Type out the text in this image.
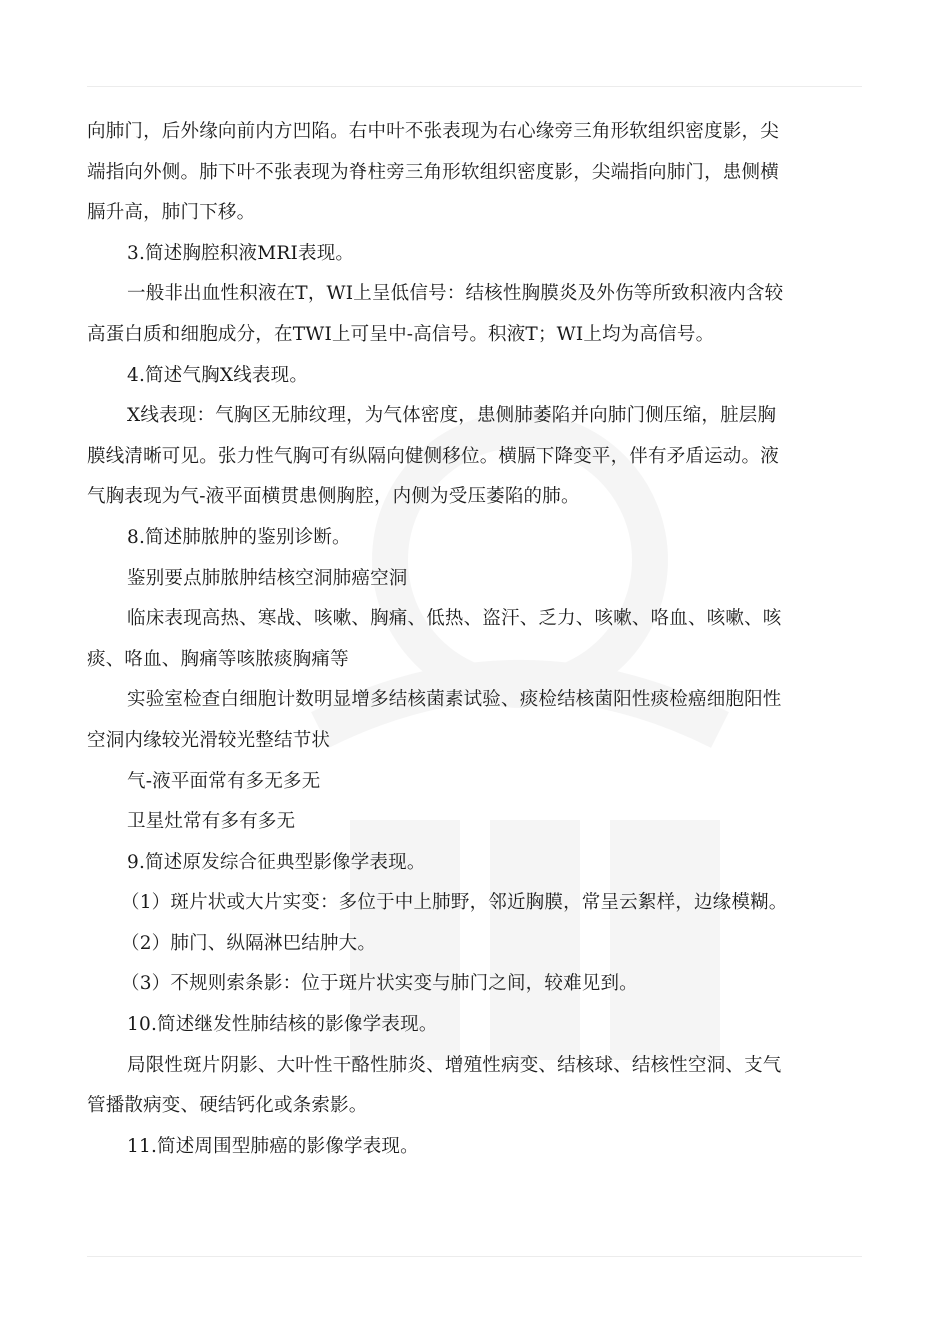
向肺门，后外缘向前内方凹陷。右中叶不张表现为右心缘旁三角形软组织密度影，尖
端指向外侧。肺下叶不张表现为脊柱旁三角形软组织密度影，尖端指向肺门，患侧横
膈升高，肺门下移。
3.简述胸腔积液MRI表现。
一般非出血性积液在T，WI上呈低信号：结核性胸膜炎及外伤等所致积液内含较
高蛋白质和细胞成分，在TWI上可呈中-高信号。积液T；WI上均为高信号。
4.简述气胸X线表现。
X线表现：气胸区无肺纹理，为气体密度，患侧肺萎陷并向肺门侧压缩，脏层胸
膜线清晰可见。张力性气胸可有纵隔向健侧移位。横膈下降变平，伴有矛盾运动。液
气胸表现为气-液平面横贯患侧胸腔，内侧为受压萎陷的肺。
8.简述肺脓肿的鉴别诊断。
鉴别要点肺脓肿结核空洞肺癌空洞
临床表现高热、寒战、咳嗽、胸痛、低热、盗汗、乏力、咳嗽、咯血、咳嗽、咳
痰、咯血、胸痛等咳脓痰胸痛等
实验室检查白细胞计数明显增多结核菌素试验、痰检结核菌阳性痰检癌细胞阳性
空洞内缘较光滑较光整结节状
气-液平面常有多无多无
卫星灶常有多有多无
9.简述原发综合征典型影像学表现。
（1）斑片状或大片实变：多位于中上肺野，邻近胸膜，常呈云絮样，边缘模糊。
（2）肺门、纵隔淋巴结肿大。
（3）不规则索条影：位于斑片状实变与肺门之间，较难见到。
10.简述继发性肺结核的影像学表现。
局限性斑片阴影、大叶性干酪性肺炎、增殖性病变、结核球、结核性空洞、支气
管播散病变、硬结钙化或条索影。
11.简述周围型肺癌的影像学表现。
